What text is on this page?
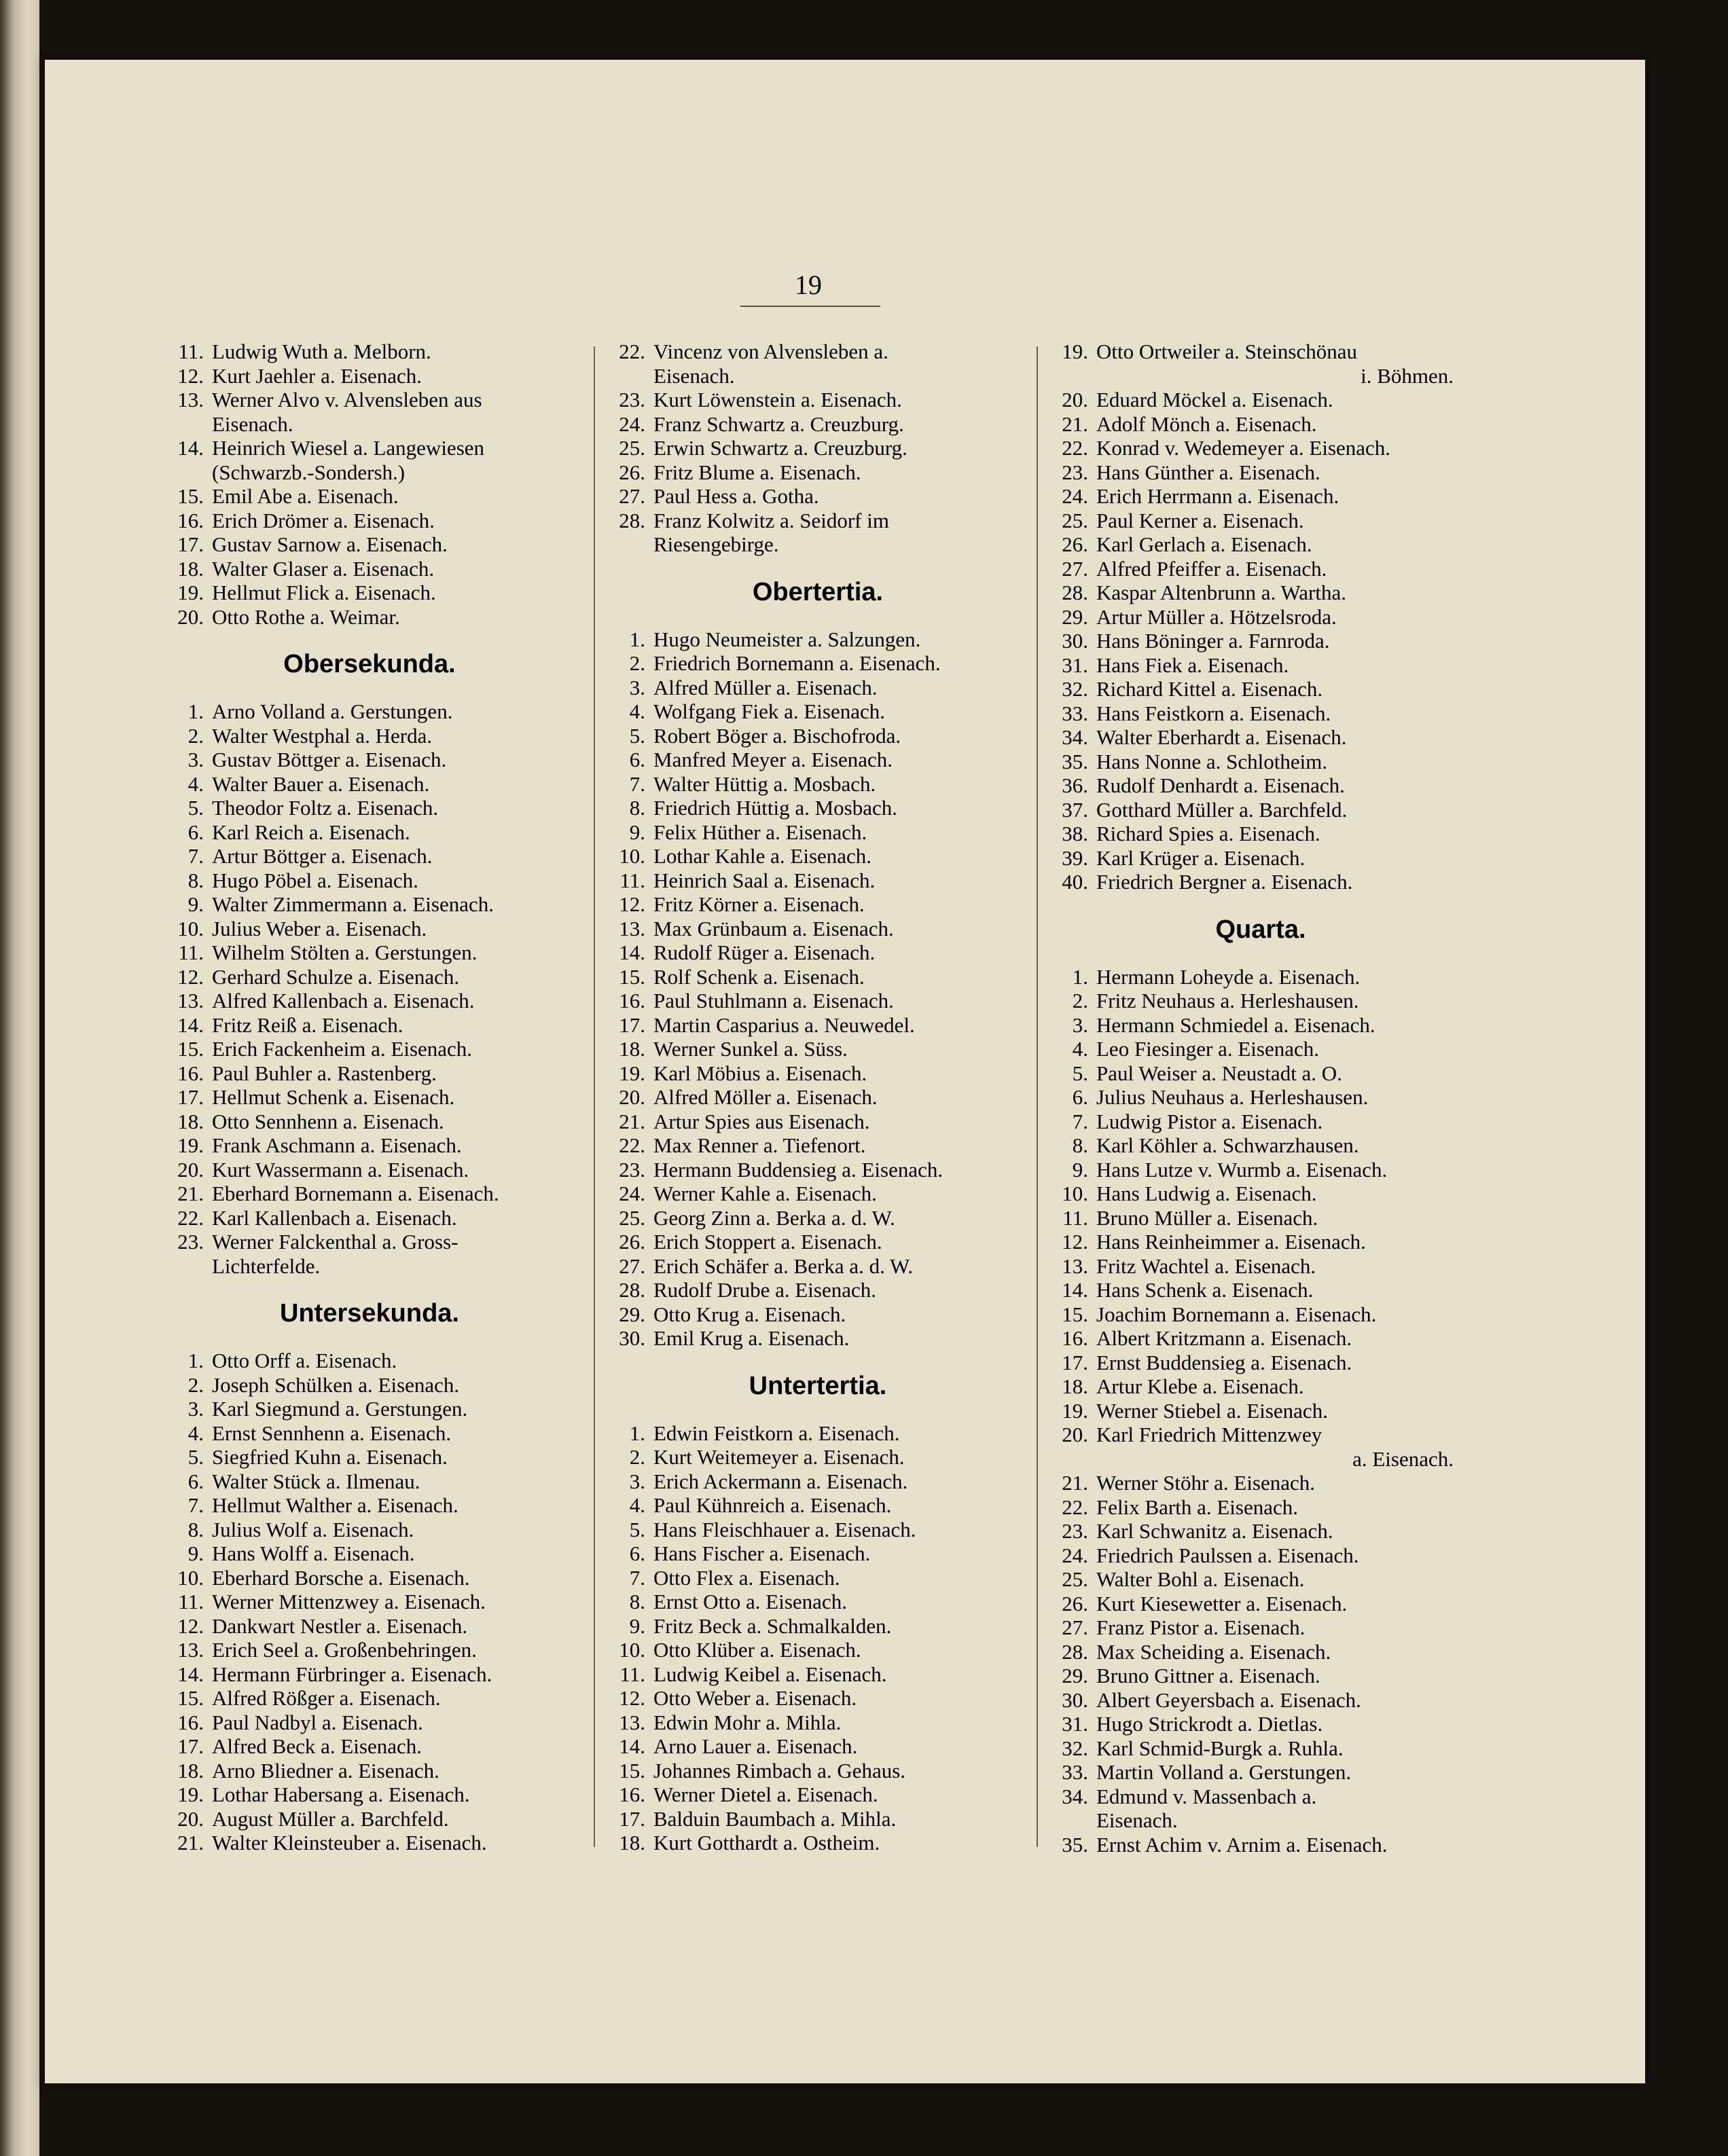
19
11. Ludwig Wuth a. Melborn.
12. Kurt Jaehler a. Eisenach.
13. Werner Alvo v. Alvensleben aus
Eisenach.
14. Heinrich Wiesel a. Langewiesen
(Schwarzb.-Sondersh.)
15. Emil Abe a. Eisenach.
16. Erich Drömer a. Eisenach.
17. Gustav Sarnow a. Eisenach.
18. Walter Glaser a. Eisenach.
19. Hellmut Flick a. Eisenach.
20. Otto Rothe a. Weimar.
Obersekunda.
1. Arno Volland a. Gerstungen.
2. Walter Westphal a. Herda.
3. Gustav Böttger a. Eisenach.
4. Walter Bauer a. Eisenach.
5. Theodor Foltz a. Eisenach.
6. Karl Reich a. Eisenach.
7. Artur Böttger a. Eisenach.
8. Hugo Pöbel a. Eisenach.
9. Walter Zimmermann a. Eisenach.
10. Julius Weber a. Eisenach.
11. Wilhelm Stölten a. Gerstungen.
12. Gerhard Schulze a. Eisenach.
13. Alfred Kallenbach a. Eisenach.
14. Fritz Reiß a. Eisenach.
15. Erich Fackenheim a. Eisenach.
16. Paul Buhler a. Rastenberg.
17. Hellmut Schenk a. Eisenach.
18. Otto Sennhenn a. Eisenach.
19. Frank Aschmann a. Eisenach.
20. Kurt Wassermann a. Eisenach.
21. Eberhard Bornemann a. Eisenach.
22. Karl Kallenbach a. Eisenach.
23. Werner Falckenthal a. Gross-
Lichterfelde.
Untersekunda.
1. Otto Orff a. Eisenach.
2. Joseph Schülken a. Eisenach.
3. Karl Siegmund a. Gerstungen.
4. Ernst Sennhenn a. Eisenach.
5. Siegfried Kuhn a. Eisenach.
6. Walter Stück a. Ilmenau.
7. Hellmut Walther a. Eisenach.
8. Julius Wolf a. Eisenach.
9. Hans Wolff a. Eisenach.
10. Eberhard Borsche a. Eisenach.
11. Werner Mittenzwey a. Eisenach.
12. Dankwart Nestler a. Eisenach.
13. Erich Seel a. Großenbehringen.
14. Hermann Fürbringer a. Eisenach.
15. Alfred Rößger a. Eisenach.
16. Paul Nadbyl a. Eisenach.
17. Alfred Beck a. Eisenach.
18. Arno Bliedner a. Eisenach.
19. Lothar Habersang a. Eisenach.
20. August Müller a. Barchfeld.
21. Walter Kleinsteuber a. Eisenach.
22. Vincenz von Alvensleben a.
Eisenach.
23. Kurt Löwenstein a. Eisenach.
24. Franz Schwartz a. Creuzburg.
25. Erwin Schwartz a. Creuzburg.
26. Fritz Blume a. Eisenach.
27. Paul Hess a. Gotha.
28. Franz Kolwitz a. Seidorf im
Riesengebirge.
Obertertia.
1. Hugo Neumeister a. Salzungen.
2. Friedrich Bornemann a. Eisenach.
3. Alfred Müller a. Eisenach.
4. Wolfgang Fiek a. Eisenach.
5. Robert Böger a. Bischofroda.
6. Manfred Meyer a. Eisenach.
7. Walter Hüttig a. Mosbach.
8. Friedrich Hüttig a. Mosbach.
9. Felix Hüther a. Eisenach.
10. Lothar Kahle a. Eisenach.
11. Heinrich Saal a. Eisenach.
12. Fritz Körner a. Eisenach.
13. Max Grünbaum a. Eisenach.
14. Rudolf Rüger a. Eisenach.
15. Rolf Schenk a. Eisenach.
16. Paul Stuhlmann a. Eisenach.
17. Martin Casparius a. Neuwedel.
18. Werner Sunkel a. Süss.
19. Karl Möbius a. Eisenach.
20. Alfred Möller a. Eisenach.
21. Artur Spies aus Eisenach.
22. Max Renner a. Tiefenort.
23. Hermann Buddensieg a. Eisenach.
24. Werner Kahle a. Eisenach.
25. Georg Zinn a. Berka a. d. W.
26. Erich Stoppert a. Eisenach.
27. Erich Schäfer a. Berka a. d. W.
28. Rudolf Drube a. Eisenach.
29. Otto Krug a. Eisenach.
30. Emil Krug a. Eisenach.
Untertertia.
1. Edwin Feistkorn a. Eisenach.
2. Kurt Weitemeyer a. Eisenach.
3. Erich Ackermann a. Eisenach.
4. Paul Kühnreich a. Eisenach.
5. Hans Fleischhauer a. Eisenach.
6. Hans Fischer a. Eisenach.
7. Otto Flex a. Eisenach.
8. Ernst Otto a. Eisenach.
9. Fritz Beck a. Schmalkalden.
10. Otto Klüber a. Eisenach.
11. Ludwig Keibel a. Eisenach.
12. Otto Weber a. Eisenach.
13. Edwin Mohr a. Mihla.
14. Arno Lauer a. Eisenach.
15. Johannes Rimbach a. Gehaus.
16. Werner Dietel a. Eisenach.
17. Balduin Baumbach a. Mihla.
18. Kurt Gotthardt a. Ostheim.
19. Otto Ortweiler a. Steinschönau
i. Böhmen.
20. Eduard Möckel a. Eisenach.
21. Adolf Mönch a. Eisenach.
22. Konrad v. Wedemeyer a. Eisenach.
23. Hans Günther a. Eisenach.
24. Erich Herrmann a. Eisenach.
25. Paul Kerner a. Eisenach.
26. Karl Gerlach a. Eisenach.
27. Alfred Pfeiffer a. Eisenach.
28. Kaspar Altenbrunn a. Wartha.
29. Artur Müller a. Hötzelsroda.
30. Hans Böninger a. Farnroda.
31. Hans Fiek a. Eisenach.
32. Richard Kittel a. Eisenach.
33. Hans Feistkorn a. Eisenach.
34. Walter Eberhardt a. Eisenach.
35. Hans Nonne a. Schlotheim.
36. Rudolf Denhardt a. Eisenach.
37. Gotthard Müller a. Barchfeld.
38. Richard Spies a. Eisenach.
39. Karl Krüger a. Eisenach.
40. Friedrich Bergner a. Eisenach.
Quarta.
1. Hermann Loheyde a. Eisenach.
2. Fritz Neuhaus a. Herleshausen.
3. Hermann Schmiedel a. Eisenach.
4. Leo Fiesinger a. Eisenach.
5. Paul Weiser a. Neustadt a. O.
6. Julius Neuhaus a. Herleshausen.
7. Ludwig Pistor a. Eisenach.
8. Karl Köhler a. Schwarzhausen.
9. Hans Lutze v. Wurmb a. Eisenach.
10. Hans Ludwig a. Eisenach.
11. Bruno Müller a. Eisenach.
12. Hans Reinheimmer a. Eisenach.
13. Fritz Wachtel a. Eisenach.
14. Hans Schenk a. Eisenach.
15. Joachim Bornemann a. Eisenach.
16. Albert Kritzmann a. Eisenach.
17. Ernst Buddensieg a. Eisenach.
18. Artur Klebe a. Eisenach.
19. Werner Stiebel a. Eisenach.
20. Karl Friedrich Mittenzwey
a. Eisenach.
21. Werner Stöhr a. Eisenach.
22. Felix Barth a. Eisenach.
23. Karl Schwanitz a. Eisenach.
24. Friedrich Paulssen a. Eisenach.
25. Walter Bohl a. Eisenach.
26. Kurt Kiesewetter a. Eisenach.
27. Franz Pistor a. Eisenach.
28. Max Scheiding a. Eisenach.
29. Bruno Gittner a. Eisenach.
30. Albert Geyersbach a. Eisenach.
31. Hugo Strickrodt a. Dietlas.
32. Karl Schmid-Burgk a. Ruhla.
33. Martin Volland a. Gerstungen.
34. Edmund v. Massenbach a.
Eisenach.
35. Ernst Achim v. Arnim a. Eisenach.
